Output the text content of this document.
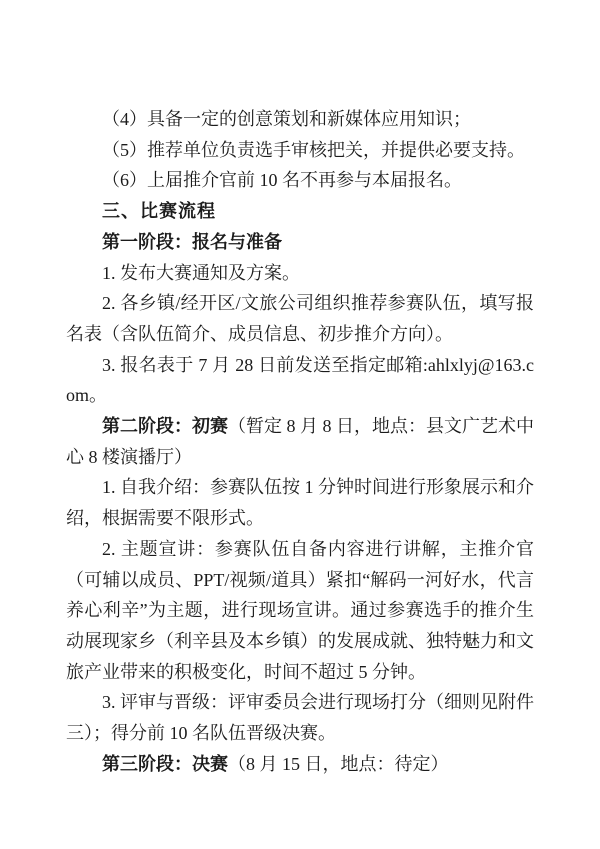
（4）具备一定的创意策划和新媒体应用知识；

（5）推荐单位负责选手审核把关，并提供必要支持。

（6）上届推介官前 10 名不再参与本届报名。

三、比赛流程

第一阶段：报名与准备

1. 发布大赛通知及方案。

2. 各乡镇/经开区/文旅公司组织推荐参赛队伍，填写报名表（含队伍简介、成员信息、初步推介方向）。

3. 报名表于 7 月 28 日前发送至指定邮箱:ahlxlyj@163.com。

第二阶段：初赛（暂定 8 月 8 日，地点：县文广艺术中心 8 楼演播厅）

1. 自我介绍：参赛队伍按 1 分钟时间进行形象展示和介绍，根据需要不限形式。

2. 主题宣讲：参赛队伍自备内容进行讲解，主推介官（可辅以成员、PPT/视频/道具）紧扣“解码一河好水，代言养心利辛”为主题，进行现场宣讲。通过参赛选手的推介生动展现家乡（利辛县及本乡镇）的发展成就、独特魅力和文旅产业带来的积极变化，时间不超过 5 分钟。

3. 评审与晋级：评审委员会进行现场打分（细则见附件三）；得分前 10 名队伍晋级决赛。

第三阶段：决赛（8 月 15 日，地点：待定）
